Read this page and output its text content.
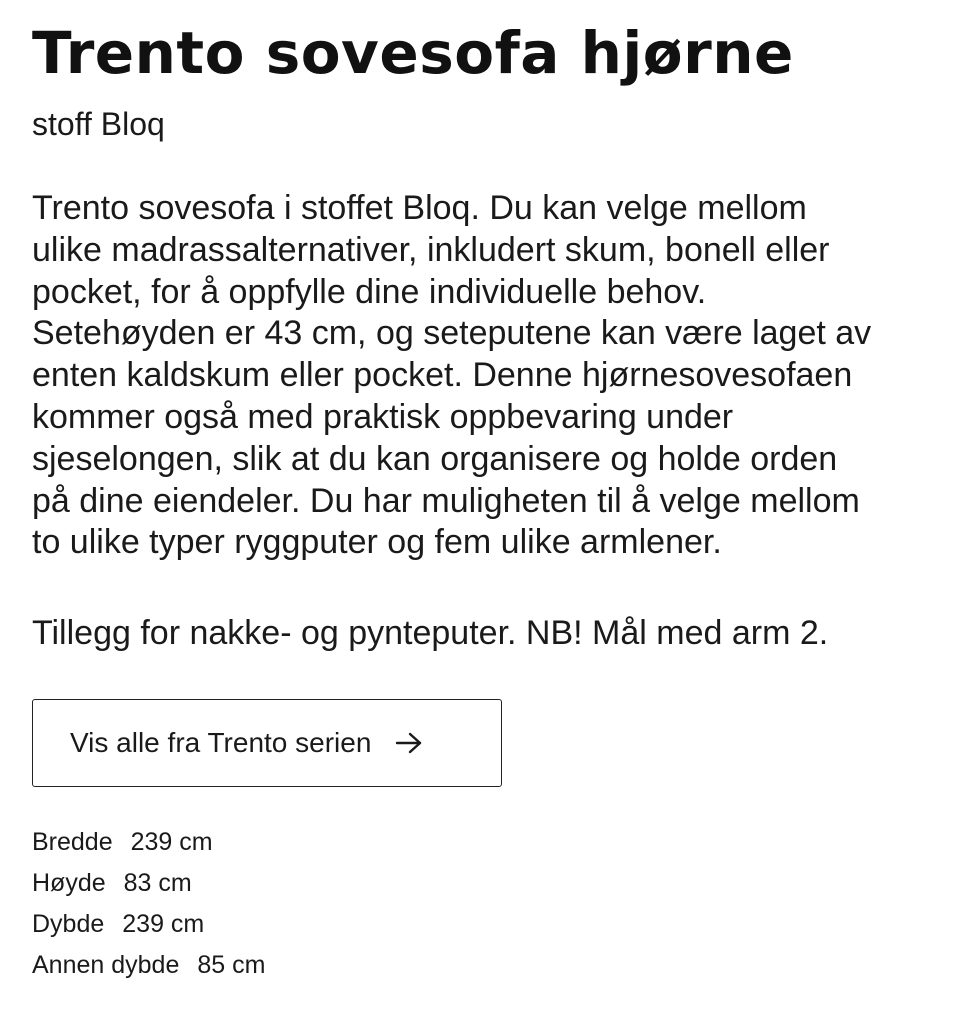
Trento sovesofa hjørne
stoff Bloq

Trento sovesofa i stoffet Bloq. Du kan velge mellom
ulike madrassalternativer, inkludert skum, bonell eller
pocket, for å oppfylle dine individuelle behov.
Setehøyden er 43 cm, og seteputene kan være laget av
enten kaldskum eller pocket. Denne hjørnesovesofaen
kommer også med praktisk oppbevaring under
sjeselongen, slik at du kan organisere og holde orden
på dine eiendeler. Du har muligheten til å velge mellom
to ulike typer ryggputer og fem ulike armlener.

Tillegg for nakke- og pynteputer. NB! Mål med arm 2.

Vis alle fra Trento serien
Bredde 239 cm
Høyde 83 cm
Dybde 239 cm
Annen dybde 85 cm
